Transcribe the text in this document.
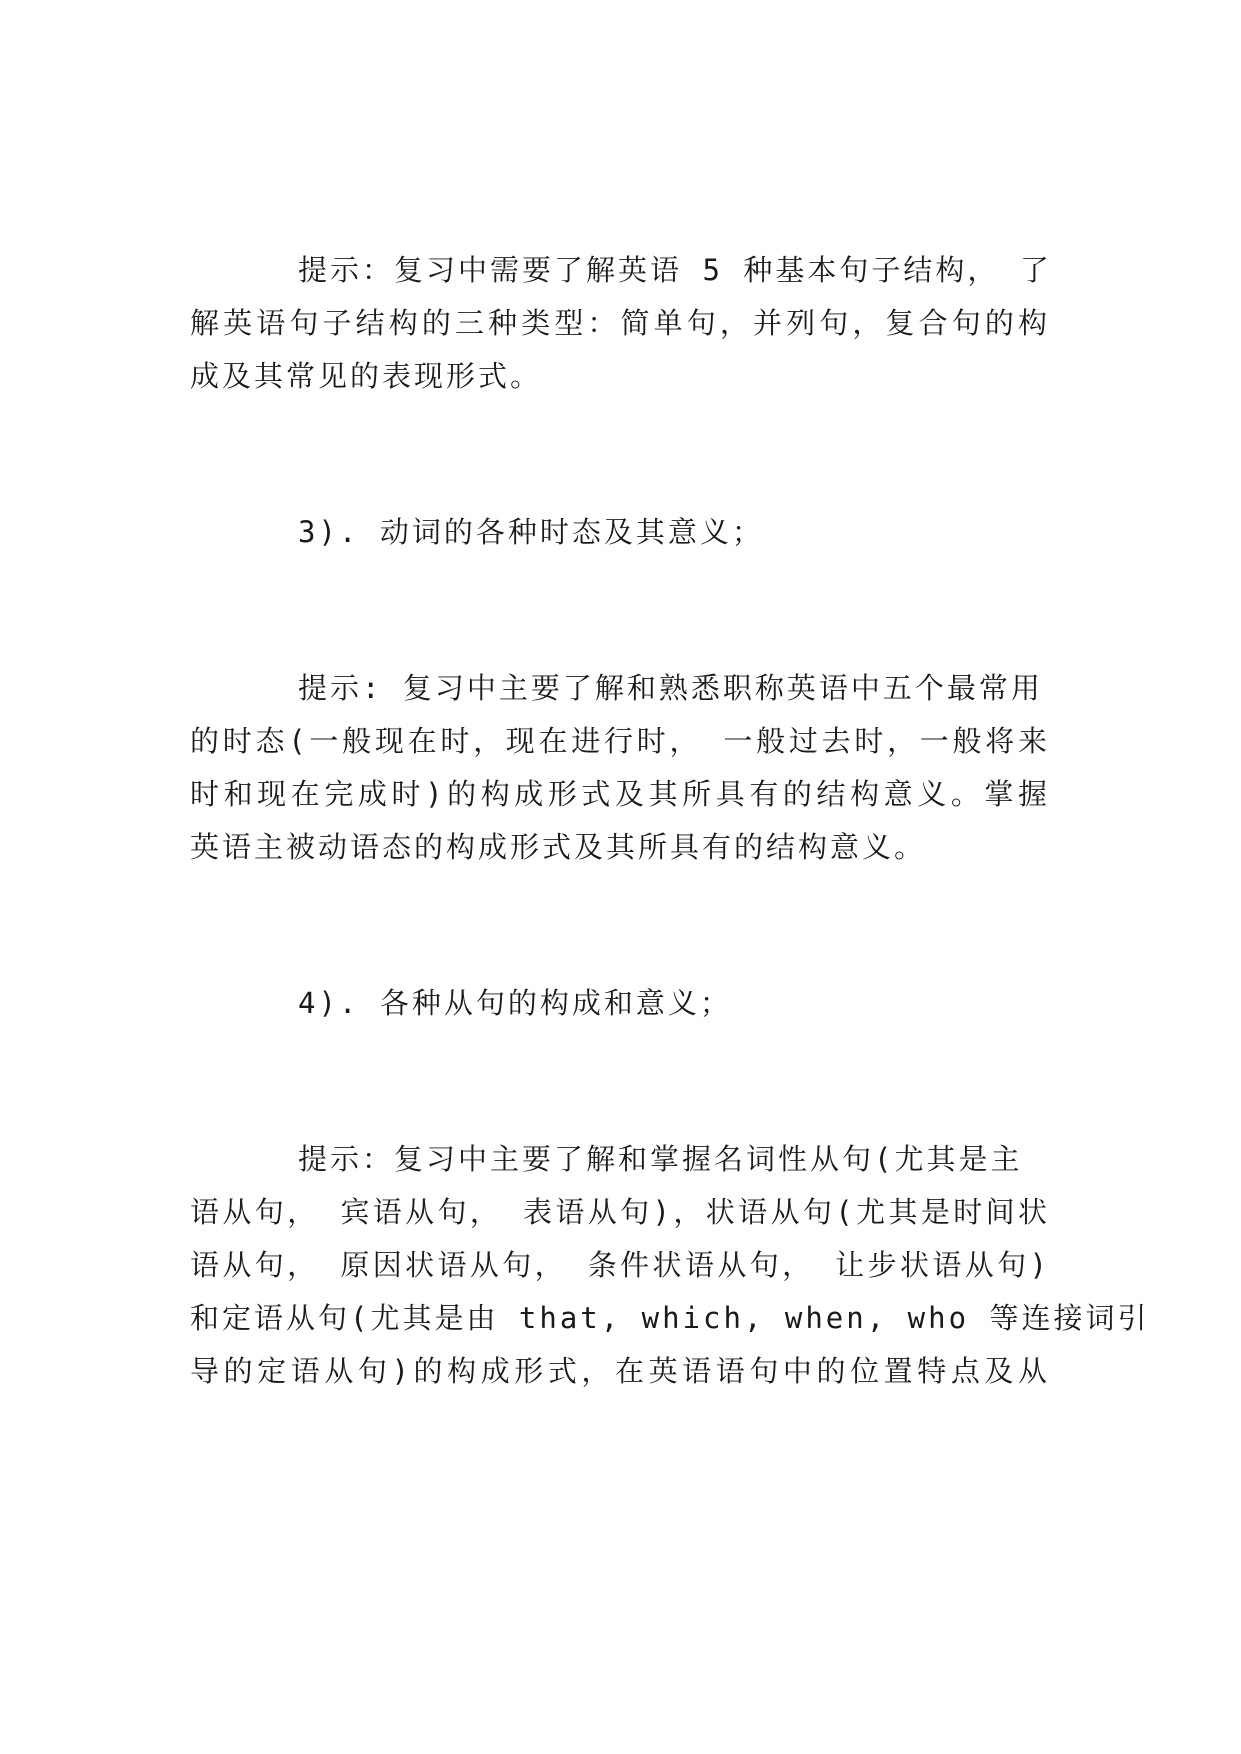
提示：复习中需要了解英语 5 种基本句子结构， 了
解英语句子结构的三种类型：简单句，并列句，复合句的构
成及其常见的表现形式。
3). 动词的各种时态及其意义；
提示: 复习中主要了解和熟悉职称英语中五个最常用
的时态(一般现在时，现在进行时， 一般过去时，一般将来
时和现在完成时)的构成形式及其所具有的结构意义。掌握
英语主被动语态的构成形式及其所具有的结构意义。
4). 各种从句的构成和意义；
提示：复习中主要了解和掌握名词性从句(尤其是主
语从句， 宾语从句， 表语从句)，状语从句(尤其是时间状
语从句， 原因状语从句， 条件状语从句， 让步状语从句)
和定语从句(尤其是由 that, which, when, who 等连接词引
导的定语从句)的构成形式，在英语语句中的位置特点及从
